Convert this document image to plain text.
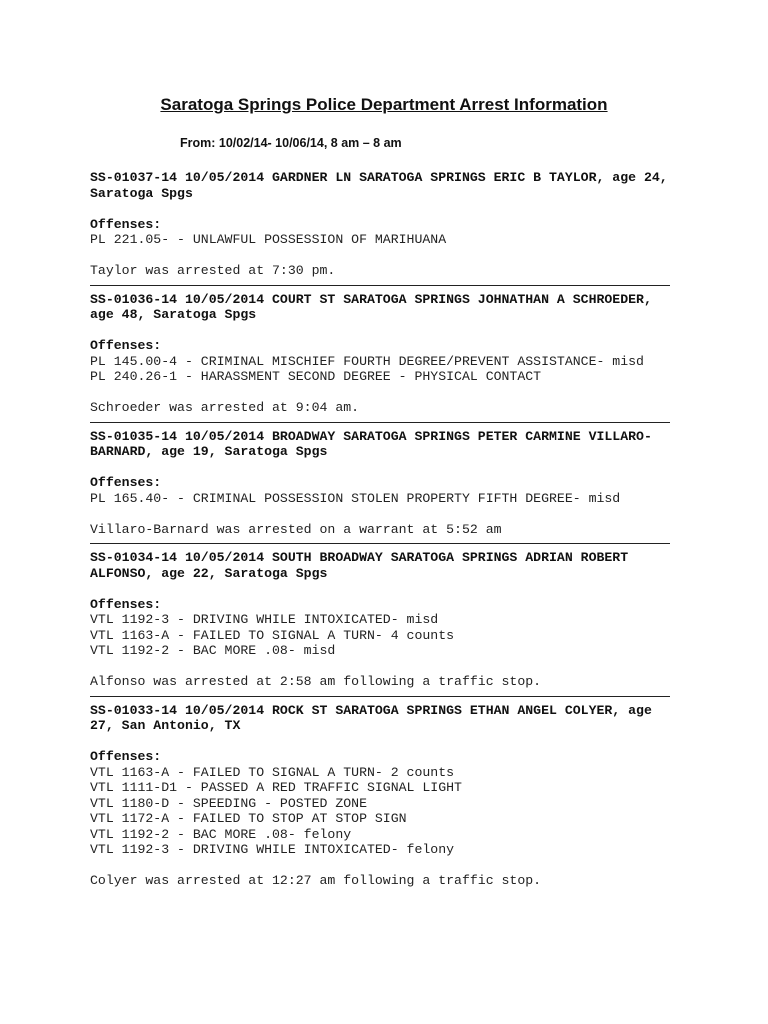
Saratoga Springs Police Department Arrest Information
From: 10/02/14- 10/06/14, 8 am – 8 am
SS-01037-14 10/05/2014 GARDNER LN SARATOGA SPRINGS ERIC B TAYLOR, age 24, Saratoga Spgs
Offenses:
PL 221.05- - UNLAWFUL POSSESSION OF MARIHUANA
Taylor was arrested at 7:30 pm.
SS-01036-14 10/05/2014 COURT ST SARATOGA SPRINGS JOHNATHAN A SCHROEDER, age 48, Saratoga Spgs
Offenses:
PL 145.00-4 - CRIMINAL MISCHIEF FOURTH DEGREE/PREVENT ASSISTANCE- misd
PL 240.26-1 - HARASSMENT SECOND DEGREE - PHYSICAL CONTACT
Schroeder was arrested at 9:04 am.
SS-01035-14 10/05/2014 BROADWAY SARATOGA SPRINGS PETER CARMINE VILLARO-BARNARD, age 19, Saratoga Spgs
Offenses:
PL 165.40- - CRIMINAL POSSESSION STOLEN PROPERTY FIFTH DEGREE- misd
Villaro-Barnard was arrested on a warrant at 5:52 am
SS-01034-14 10/05/2014 SOUTH BROADWAY SARATOGA SPRINGS ADRIAN ROBERT ALFONSO, age 22, Saratoga Spgs
Offenses:
VTL 1192-3 - DRIVING WHILE INTOXICATED- misd
VTL 1163-A - FAILED TO SIGNAL A TURN- 4 counts
VTL 1192-2 - BAC MORE .08- misd
Alfonso was arrested at 2:58 am following a traffic stop.
SS-01033-14 10/05/2014 ROCK ST SARATOGA SPRINGS ETHAN ANGEL COLYER, age 27, San Antonio, TX
Offenses:
VTL 1163-A - FAILED TO SIGNAL A TURN- 2 counts
VTL 1111-D1 - PASSED A RED TRAFFIC SIGNAL LIGHT
VTL 1180-D - SPEEDING - POSTED ZONE
VTL 1172-A - FAILED TO STOP AT STOP SIGN
VTL 1192-2 - BAC MORE .08- felony
VTL 1192-3 - DRIVING WHILE INTOXICATED- felony
Colyer was arrested at 12:27 am following a traffic stop.
